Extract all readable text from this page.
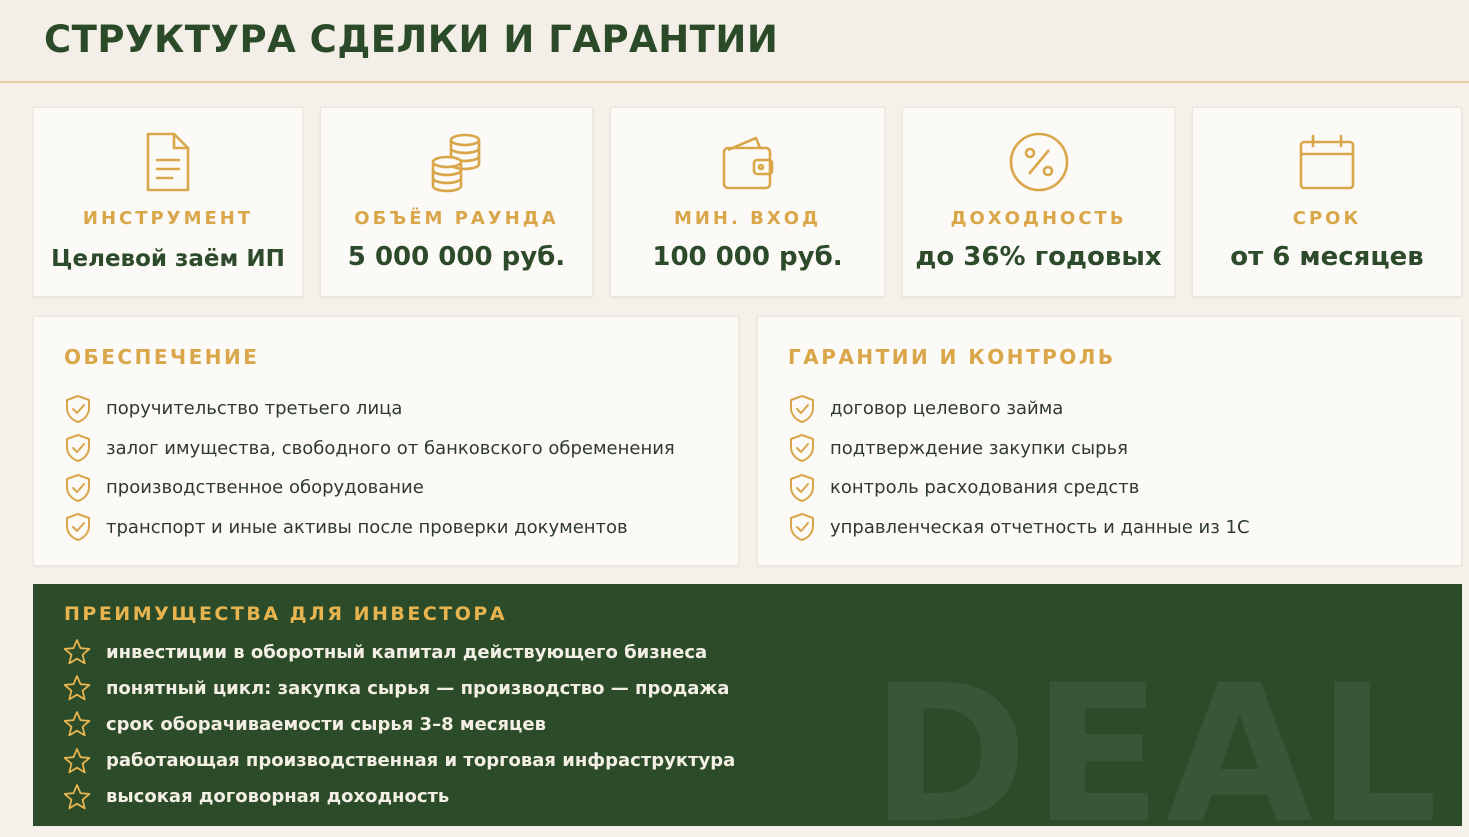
СТРУКТУРА СДЕЛКИ И ГАРАНТИИ
ИНСТРУМЕНТ
Целевой заём ИП
ОБЪЁМ РАУНДА
5 000 000 руб.
МИН. ВХОД
100 000 руб.
ДОХОДНОСТЬ
до 36% годовых
СРОК
от 6 месяцев
ОБЕСПЕЧЕНИЕ
поручительство третьего лица
залог имущества, свободного от банковского обременения
производственное оборудование
транспорт и иные активы после проверки документов
ГАРАНТИИ И КОНТРОЛЬ
договор целевого займа
подтверждение закупки сырья
контроль расходования средств
управленческая отчетность и данные из 1С
DEAL
ПРЕИМУЩЕСТВА ДЛЯ ИНВЕСТОРА
инвестиции в оборотный капитал действующего бизнеса
понятный цикл: закупка сырья — производство — продажа
срок оборачиваемости сырья 3–8 месяцев
работающая производственная и торговая инфраструктура
высокая договорная доходность
